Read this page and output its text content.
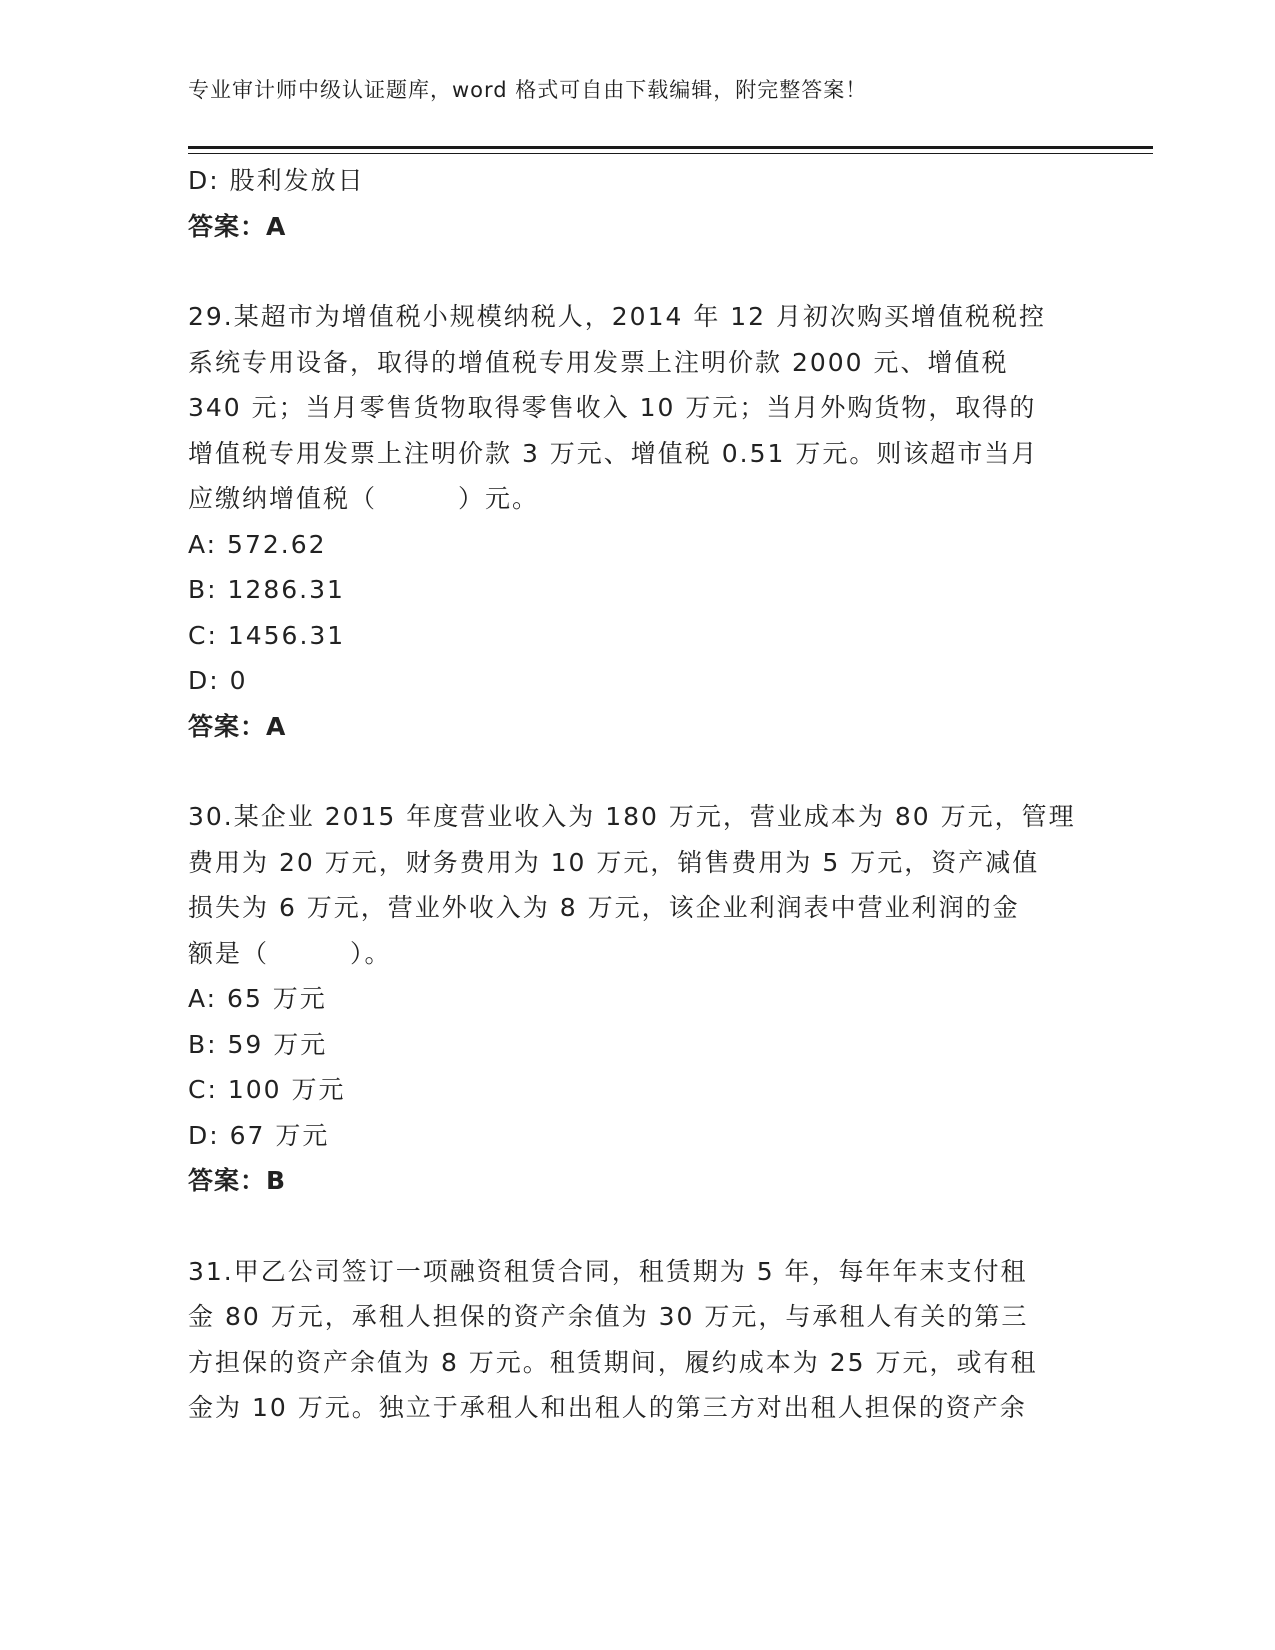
专业审计师中级认证题库，word 格式可自由下载编辑，附完整答案！
D: 股利发放日
答案：A
29.某超市为增值税小规模纳税人，2014 年 12 月初次购买增值税税控
系统专用设备，取得的增值税专用发票上注明价款 2000 元、增值税
340 元；当月零售货物取得零售收入 10 万元；当月外购货物，取得的
增值税专用发票上注明价款 3 万元、增值税 0.51 万元。则该超市当月
应缴纳增值税（　　　）元。
A: 572.62
B: 1286.31
C: 1456.31
D: 0
答案：A
30.某企业 2015 年度营业收入为 180 万元，营业成本为 80 万元，管理
费用为 20 万元，财务费用为 10 万元，销售费用为 5 万元，资产减值
损失为 6 万元，营业外收入为 8 万元，该企业利润表中营业利润的金
额是（　　　）。
A: 65 万元
B: 59 万元
C: 100 万元
D: 67 万元
答案：B
31.甲乙公司签订一项融资租赁合同，租赁期为 5 年，每年年末支付租
金 80 万元，承租人担保的资产余值为 30 万元，与承租人有关的第三
方担保的资产余值为 8 万元。租赁期间，履约成本为 25 万元，或有租
金为 10 万元。独立于承租人和出租人的第三方对出租人担保的资产余
